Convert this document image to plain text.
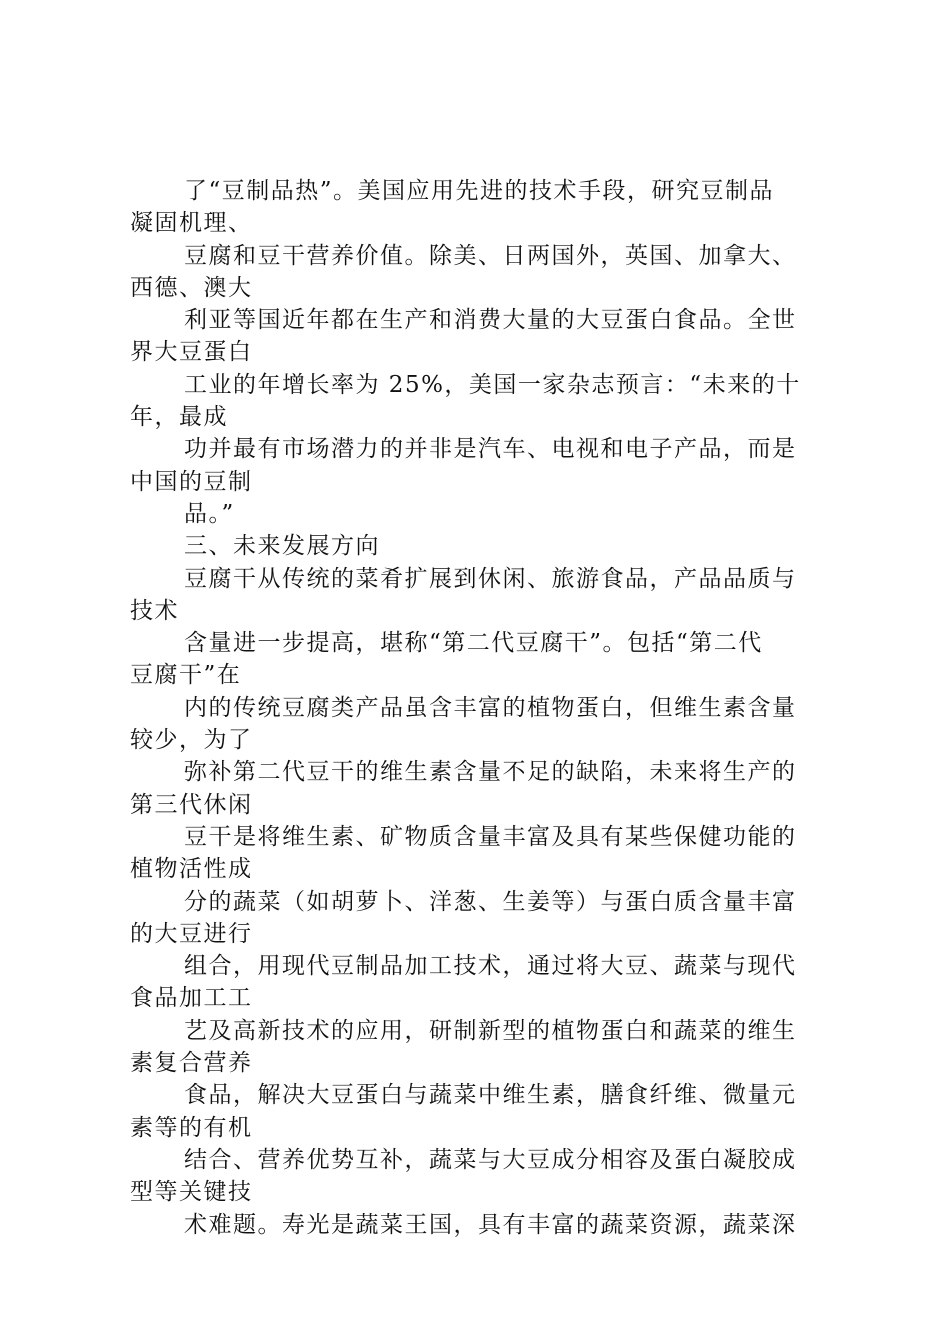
了“豆制品热”。美国应用先进的技术手段，研究豆制品
凝固机理、
豆腐和豆干营养价值。除美、日两国外，英国、加拿大、
西德、澳大
利亚等国近年都在生产和消费大量的大豆蛋白食品。全世
界大豆蛋白
工业的年增长率为 25%，美国一家杂志预言：“未来的十
年，最成
功并最有市场潜力的并非是汽车、电视和电子产品，而是
中国的豆制
品。”
三、未来发展方向
豆腐干从传统的菜肴扩展到休闲、旅游食品，产品品质与
技术
含量进一步提高，堪称“第二代豆腐干”。包括“第二代
豆腐干”在
内的传统豆腐类产品虽含丰富的植物蛋白，但维生素含量
较少，为了
弥补第二代豆干的维生素含量不足的缺陷，未来将生产的
第三代休闲
豆干是将维生素、矿物质含量丰富及具有某些保健功能的
植物活性成
分的蔬菜（如胡萝卜、洋葱、生姜等）与蛋白质含量丰富
的大豆进行
组合，用现代豆制品加工技术，通过将大豆、蔬菜与现代
食品加工工
艺及高新技术的应用，研制新型的植物蛋白和蔬菜的维生
素复合营养
食品，解决大豆蛋白与蔬菜中维生素，膳食纤维、微量元
素等的有机
结合、营养优势互补，蔬菜与大豆成分相容及蛋白凝胶成
型等关键技
术难题。寿光是蔬菜王国，具有丰富的蔬菜资源，蔬菜深
